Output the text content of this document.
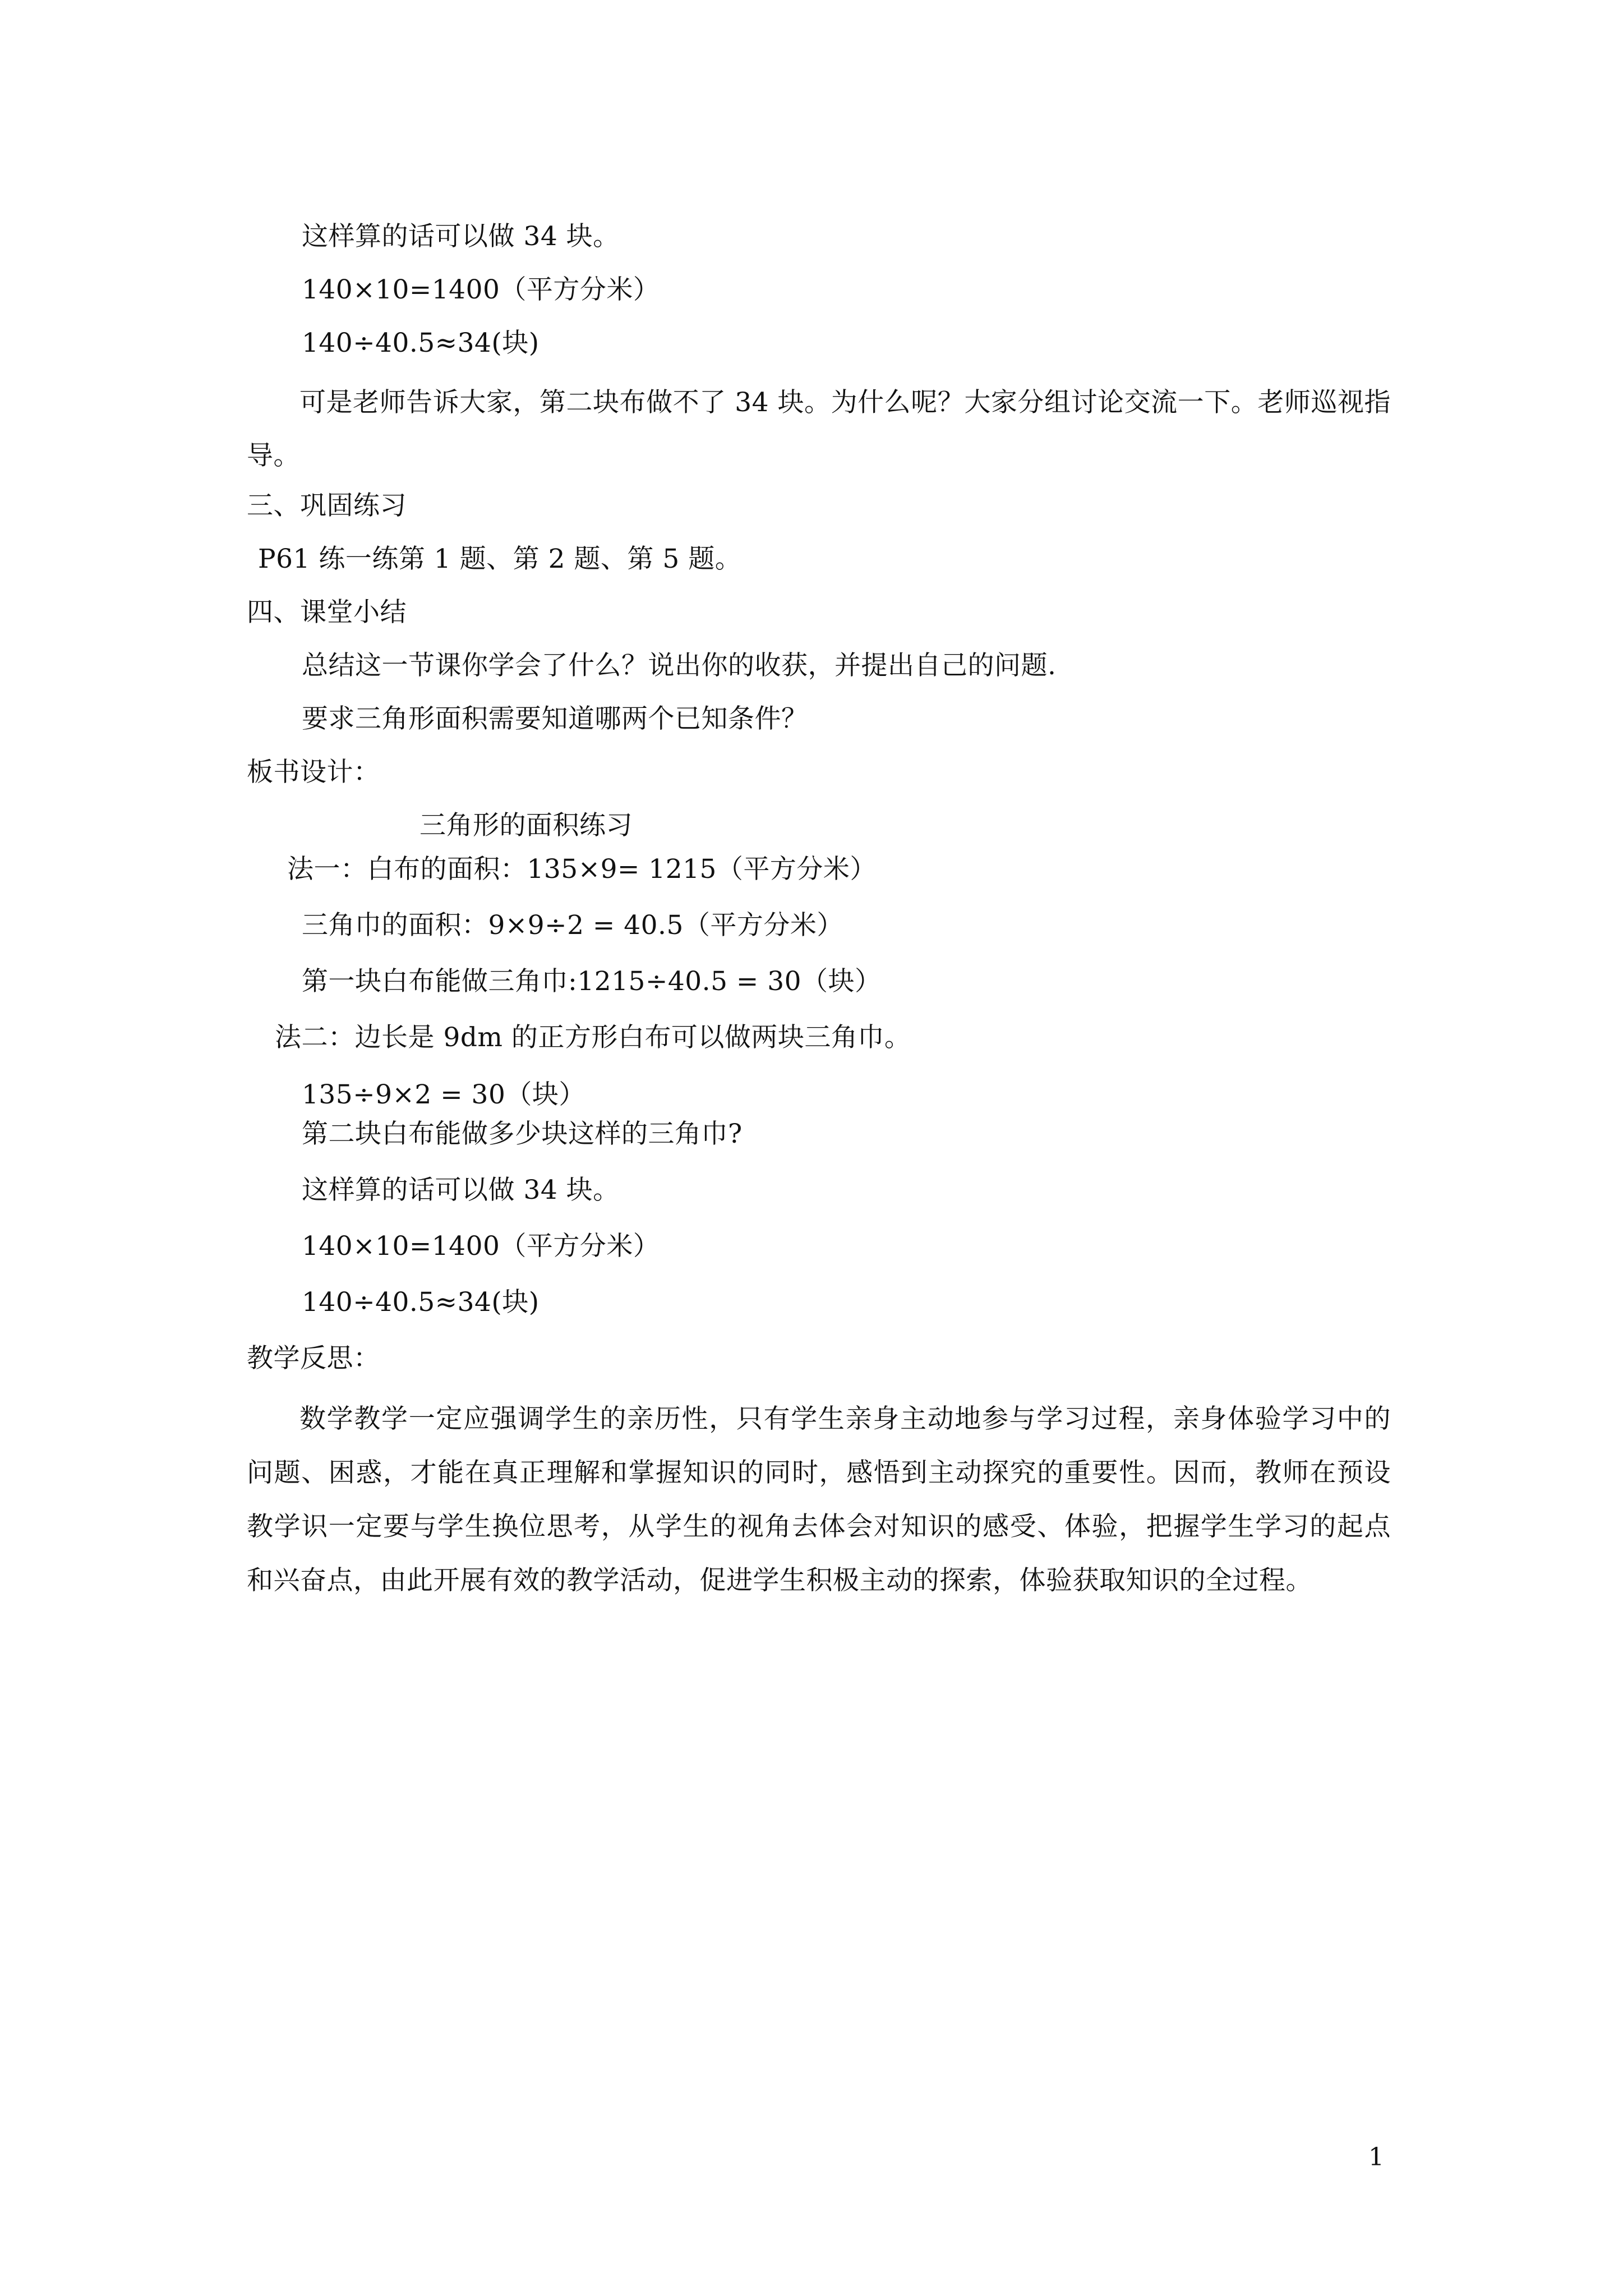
这样算的话可以做 34 块。
140×10=1400（平方分米）
140÷40.5≈34(块)
可是老师告诉大家，第二块布做不了 34 块。为什么呢？大家分组讨论交流一下。老师巡视指导。
三、巩固练习
P61 练一练第 1 题、第 2 题、第 5 题。
四、课堂小结
总结这一节课你学会了什么？说出你的收获，并提出自己的问题.
要求三角形面积需要知道哪两个已知条件？
板书设计：
三角形的面积练习
法一：白布的面积：135×9= 1215（平方分米）
三角巾的面积：9×9÷2 = 40.5（平方分米）
第一块白布能做三角巾:1215÷40.5 = 30（块）
法二：边长是 9dm 的正方形白布可以做两块三角巾。
135÷9×2 = 30（块）
第二块白布能做多少块这样的三角巾?
这样算的话可以做 34 块。
140×10=1400（平方分米）
140÷40.5≈34(块)
教学反思：
数学教学一定应强调学生的亲历性，只有学生亲身主动地参与学习过程，亲身体验学习中的问题、困惑，才能在真正理解和掌握知识的同时，感悟到主动探究的重要性。因而，教师在预设教学识一定要与学生换位思考，从学生的视角去体会对知识的感受、体验，把握学生学习的起点和兴奋点，由此开展有效的教学活动，促进学生积极主动的探索，体验获取知识的全过程。
1
